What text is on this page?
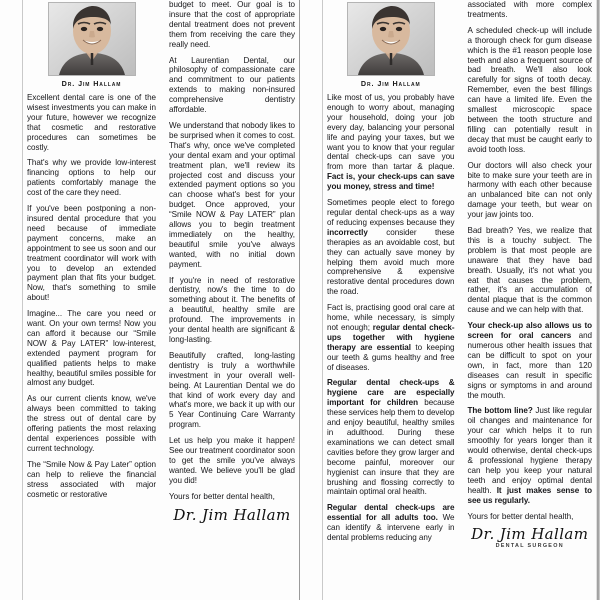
Dr. Jim Hallam

Excellent dental care is one of the wisest investments you can make in your future, however we recognize that cosmetic and restorative procedures can sometimes be costly.

That's why we provide low-interest financing options to help our patients comfortably manage the cost of the care they need.

If you've been postponing a non-insured dental procedure that you need because of immediate payment concerns, make an appointment to see us soon and our treatment coordinator will work with you to develop an extended payment plan that fits your budget. Now, that's something to smile about!

Imagine... The care you need or want. On your own terms! Now you can afford it because our “Smile NOW & Pay LATER” low-interest, extended payment program for qualified patients helps to make healthy, beautiful smiles possible for almost any budget.

As our current clients know, we've always been committed to taking the stress out of dental care by offering patients the most relaxing dental experiences possible with current technology.

The “Smile Now & Pay Later” option can help to relieve the financial stress associated with major cosmetic or restorative

budget to meet. Our goal is to insure that the cost of appropriate dental treatment does not prevent them from receiving the care they really need.

At Laurentian Dental, our philosophy of compassionate care and commitment to our patients extends to making non-insured comprehensive dentistry affordable.

We understand that nobody likes to be surprised when it comes to cost. That's why, once we've completed your dental exam and your optimal treatment plan, we'll review its projected cost and discuss your extended payment options so you can choose what's best for your budget. Once approved, your “Smile NOW & Pay LATER” plan allows you to begin treatment immediately on the healthy, beautiful smile you've always wanted, with no initial down payment.

If you're in need of restorative dentistry, now's the time to do something about it. The benefits of a beautiful, healthy smile are profound. The improvements in your dental health are significant & long-lasting.

Beautifully crafted, long-lasting dentistry is truly a worthwhile investment in your overall well-being. At Laurentian Dental we do that kind of work every day and what's more, we back it up with our 5 Year Continuing Care Warranty program.

Let us help you make it happen! See our treatment coordinator soon to get the smile you've always wanted. We believe you'll be glad you did!

Yours for better dental health,
Dr. Jim Hallam
Dr. Jim Hallam

Like most of us, you probably have enough to worry about, managing your household, doing your job every day, balancing your personal life and paying your taxes, but we want you to know that your regular dental check-ups can save you from more than tartar & plaque. Fact is, your check-ups can save you money, stress and time!

Sometimes people elect to forego regular dental check-ups as a way of reducing expenses because they incorrectly consider these therapies as an avoidable cost, but they can actually save money by helping them avoid much more comprehensive & expensive restorative dental procedures down the road.

Fact is, practising good oral care at home, while necessary, is simply not enough; regular dental check-ups together with hygiene therapy are essential to keeping our teeth & gums healthy and free of diseases.

Regular dental check-ups & hygiene care are especially important for children because these services help them to develop and enjoy beautiful, healthy smiles in adulthood. During these examinations we can detect small cavities before they grow larger and become painful, moreover our hygienist can insure that they are brushing and flossing correctly to maintain optimal oral health.

Regular dental check-ups are essential for all adults too. We can identify & intervene early in dental problems reducing any

associated with more complex treatments.

A scheduled check-up will include a thorough check for gum disease which is the #1 reason people lose teeth and also a frequent source of bad breath. We'll also look carefully for signs of tooth decay. Remember, even the best fillings can have a limited life. Even the smallest microscopic space between the tooth structure and filling can potentially result in decay that must be caught early to avoid tooth loss.

Our doctors will also check your bite to make sure your teeth are in harmony with each other because an unbalanced bite can not only damage your teeth, but wear on your jaw joints too.

Bad breath? Yes, we realize that this is a touchy subject. The problem is that most people are unaware that they have bad breath. Usually, it's not what you eat that causes the problem, rather, it's an accumulation of dental plaque that is the common cause and we can help with that.

Your check-up also allows us to screen for oral cancers and numerous other health issues that can be difficult to spot on your own, in fact, more than 120 diseases can result in specific signs or symptoms in and around the mouth.

The bottom line? Just like regular oil changes and maintenance for your car which helps it to run smoothly for years longer than it would otherwise, dental check-ups & professional hygiene therapy can help you keep your natural teeth and enjoy optimal dental health. It just makes sense to see us regularly.

Yours for better dental health,
Dr. Jim Hallam
DENTAL SURGEON
